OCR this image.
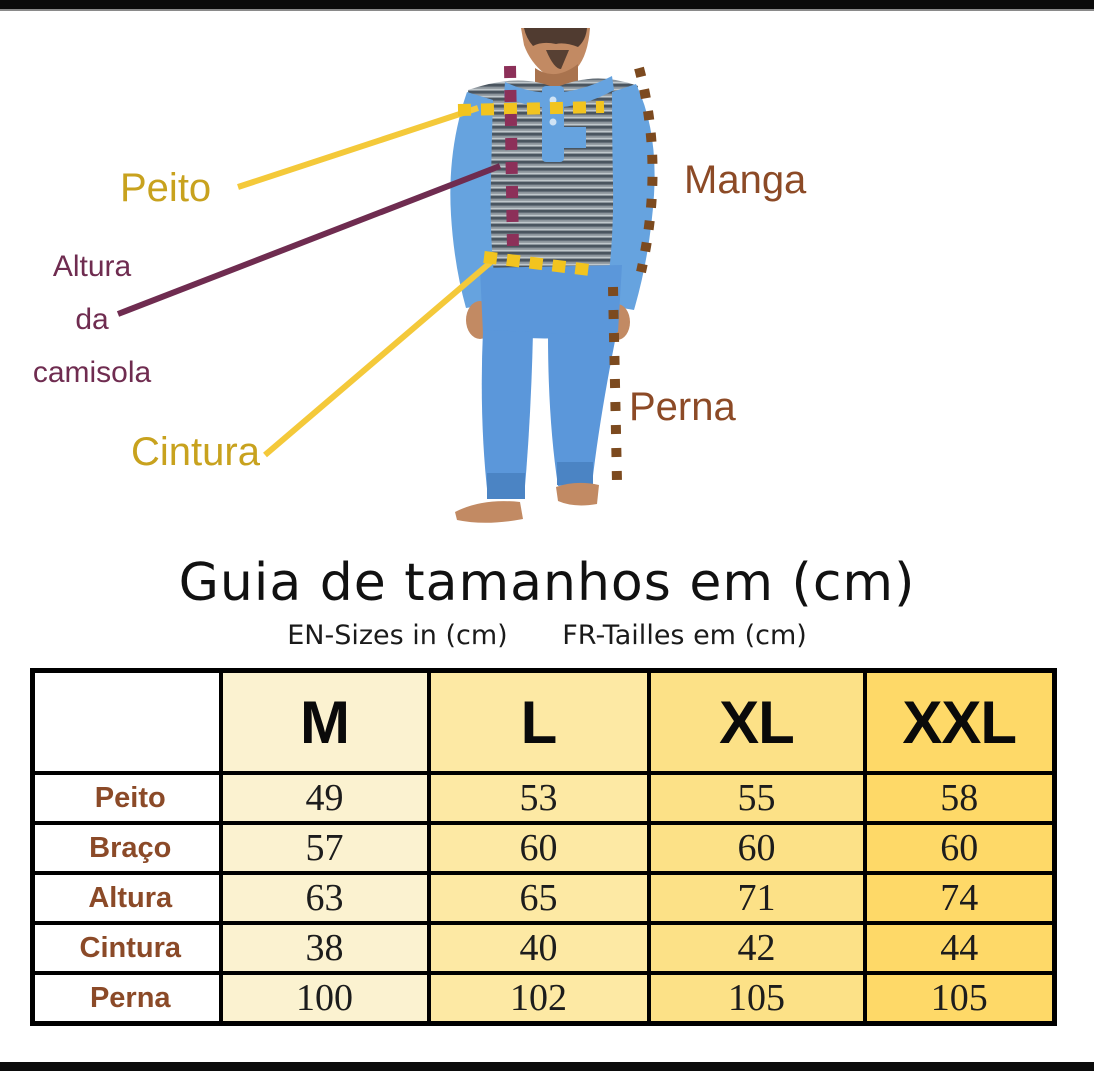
Peito
Altura
da
camisola
Cintura
Manga
Perna
Guia de tamanhos em (cm)
EN-Sizes in (cm) FR-Tailles em (cm)
	M	L	XL	XXL
Peito	49	53	55	58
Braço	57	60	60	60
Altura	63	65	71	74
Cintura	38	40	42	44
Perna	100	102	105	105
